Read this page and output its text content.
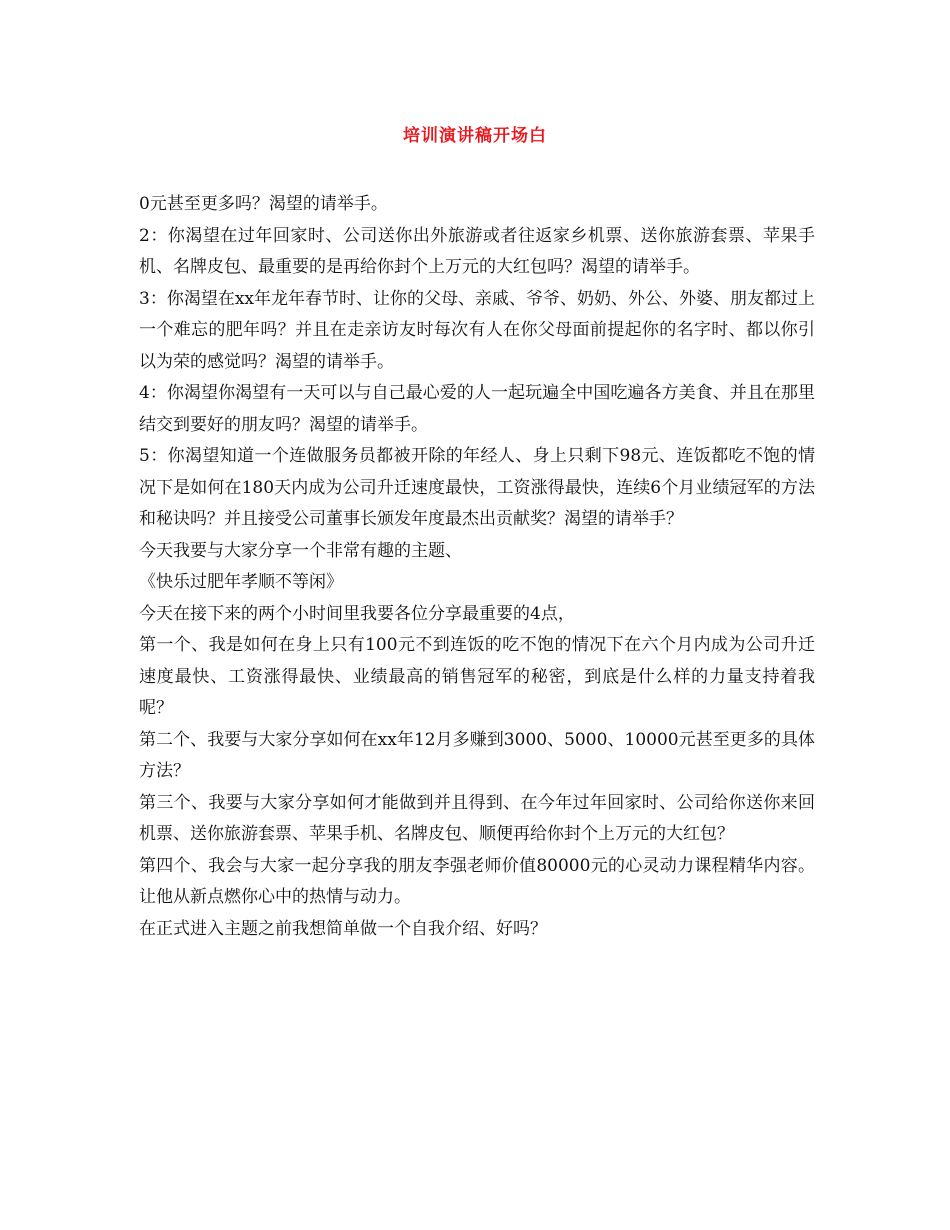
培训演讲稿开场白

0元甚至更多吗？渴望的请举手。

2：你渴望在过年回家时、公司送你出外旅游或者往返家乡机票、送你旅游套票、苹果手机、名牌皮包、最重要的是再给你封个上万元的大红包吗？渴望的请举手。

3：你渴望在xx年龙年春节时、让你的父母、亲戚、爷爷、奶奶、外公、外婆、朋友都过上一个难忘的肥年吗？并且在走亲访友时每次有人在你父母面前提起你的名字时、都以你引以为荣的感觉吗？渴望的请举手。

4：你渴望你渴望有一天可以与自己最心爱的人一起玩遍全中国吃遍各方美食、并且在那里结交到要好的朋友吗？渴望的请举手。

5：你渴望知道一个连做服务员都被开除的年经人、身上只剩下98元、连饭都吃不饱的情况下是如何在180天内成为公司升迁速度最快，工资涨得最快，连续6个月业绩冠军的方法和秘诀吗？并且接受公司董事长颁发年度最杰出贡献奖？渴望的请举手？

今天我要与大家分享一个非常有趣的主题、

《快乐过肥年孝顺不等闲》

今天在接下来的两个小时间里我要各位分享最重要的4点，

第一个、我是如何在身上只有100元不到连饭的吃不饱的情况下在六个月内成为公司升迁速度最快、工资涨得最快、业绩最高的销售冠军的秘密，到底是什么样的力量支持着我呢？

第二个、我要与大家分享如何在xx年12月多赚到3000、5000、10000元甚至更多的具体方法？

第三个、我要与大家分享如何才能做到并且得到、在今年过年回家时、公司给你送你来回机票、送你旅游套票、苹果手机、名牌皮包、顺便再给你封个上万元的大红包？

第四个、我会与大家一起分享我的朋友李强老师价值80000元的心灵动力课程精华内容。让他从新点燃你心中的热情与动力。

在正式进入主题之前我想简单做一个自我介绍、好吗？
